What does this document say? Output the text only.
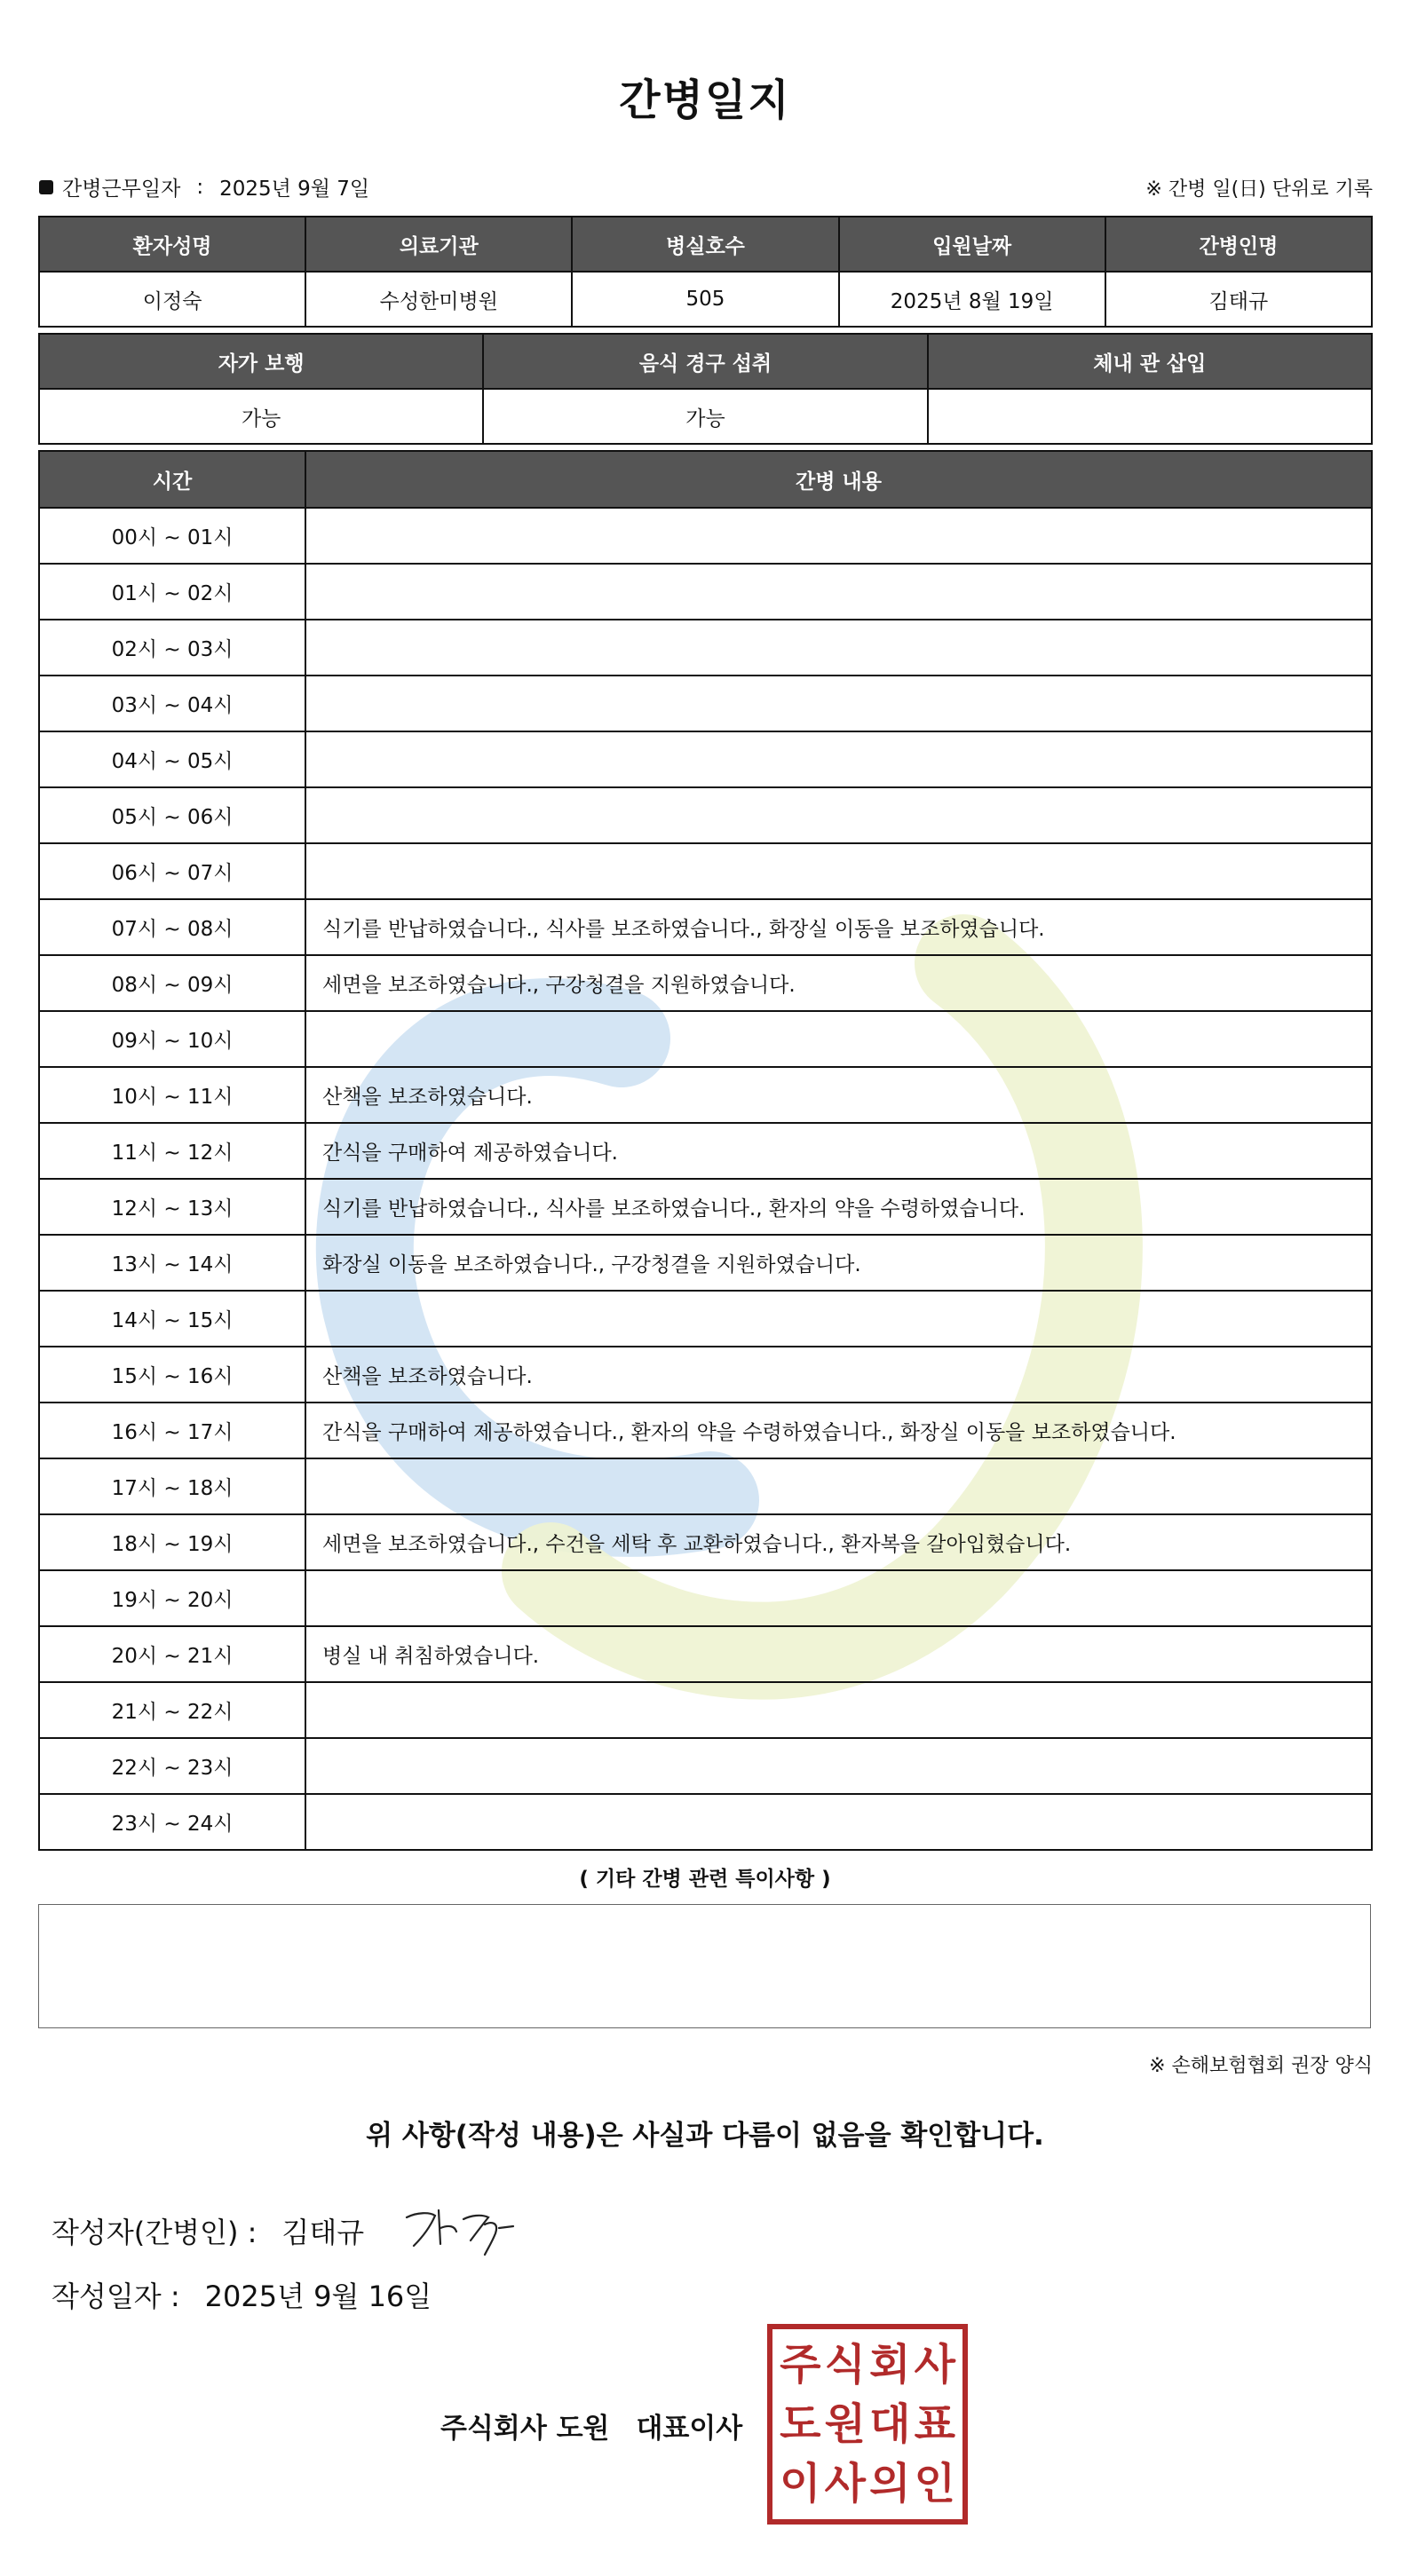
간병일지
간병근무일자 : 2025년 9월 7일	※ 간병 일(日) 단위로 기록
환자성명	의료기관	병실호수	입원날짜	간병인명
이정숙	수성한미병원	505	2025년 8월 19일	김태규
자가 보행	음식 경구 섭취	체내 관 삽입
가능	가능	
시간	간병 내용
00시 ~ 01시	
01시 ~ 02시	
02시 ~ 03시	
03시 ~ 04시	
04시 ~ 05시	
05시 ~ 06시	
06시 ~ 07시	
07시 ~ 08시	식기를 반납하였습니다., 식사를 보조하였습니다., 화장실 이동을 보조하였습니다.
08시 ~ 09시	세면을 보조하였습니다., 구강청결을 지원하였습니다.
09시 ~ 10시	
10시 ~ 11시	산책을 보조하였습니다.
11시 ~ 12시	간식을 구매하여 제공하였습니다.
12시 ~ 13시	식기를 반납하였습니다., 식사를 보조하였습니다., 환자의 약을 수령하였습니다.
13시 ~ 14시	화장실 이동을 보조하였습니다., 구강청결을 지원하였습니다.
14시 ~ 15시	
15시 ~ 16시	산책을 보조하였습니다.
16시 ~ 17시	간식을 구매하여 제공하였습니다., 환자의 약을 수령하였습니다., 화장실 이동을 보조하였습니다.
17시 ~ 18시	
18시 ~ 19시	세면을 보조하였습니다., 수건을 세탁 후 교환하였습니다., 환자복을 갈아입혔습니다.
19시 ~ 20시	
20시 ~ 21시	병실 내 취침하였습니다.
21시 ~ 22시	
22시 ~ 23시	
23시 ~ 24시	
( 기타 간병 관련 특이사항 )
※ 손해보험협회 권장 양식
위 사항(작성 내용)은 사실과 다름이 없음을 확인합니다.
작성자(간병인) : 김태규
작성일자 : 2025년 9월 16일
주식회사 도원 대표이사
주 식 회 사
도 원 대 표
이 사 의 인
